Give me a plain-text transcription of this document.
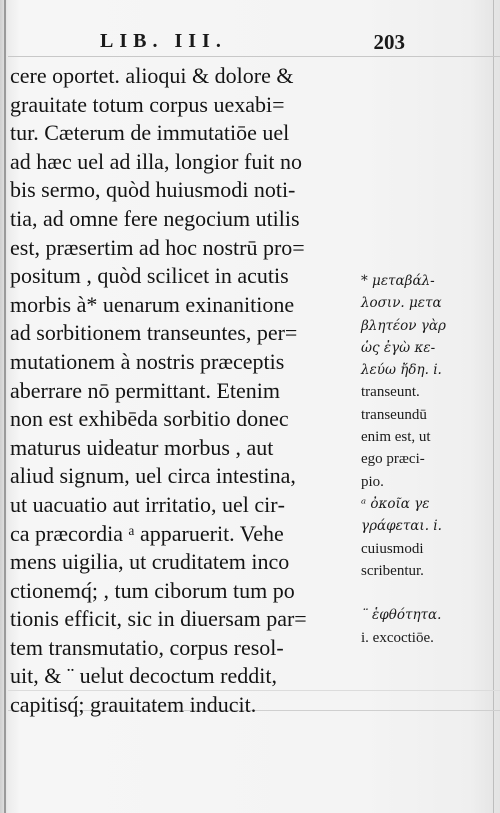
LIB. III.	203
cere oportet. alioqui & dolore &
grauitate totum corpus uexabi=
tur. Cæterum de immutatiōe uel
ad hæc uel ad illa, longior fuit no
bis sermo, quòd huiusmodi noti‑
tia, ad omne fere negocium utilis
est, præsertim ad hoc nostrū pro=
positum , quòd scilicet in acutis
morbis à* uenarum exinanitione
ad sorbitionem transeuntes, per=
mutationem à nostris præceptis
aberrare nō permittant. Etenim
non est exhibēda sorbitio donec
maturus uideatur morbus , aut
aliud signum, uel circa intestina,
ut uacuatio aut irritatio, uel cir‑
ca præcordia ᵃ apparuerit. Vehe
mens uigilia, ut cruditatem inco
ctionemq́; , tum ciborum tum po
tionis efficit, sic in diuersam par=
tem transmutatio, corpus resol‑
uit, & ¨ uelut decoctum reddit,
capitisq́; grauitatem inducit.
* μεταβάλ-
λοσιν. μετα
βλητέον γὰρ
ὡς ἐγὼ κε-
λεύω ἤδη. i.
transeunt.
transeundū
enim est, ut
ego præci-
pio.
ᵃ ὀκοῖα γε
γράφεται. i.
cuiusmodi
scribentur.

¨ ἑφθότητα.
i. excoctiōe.
